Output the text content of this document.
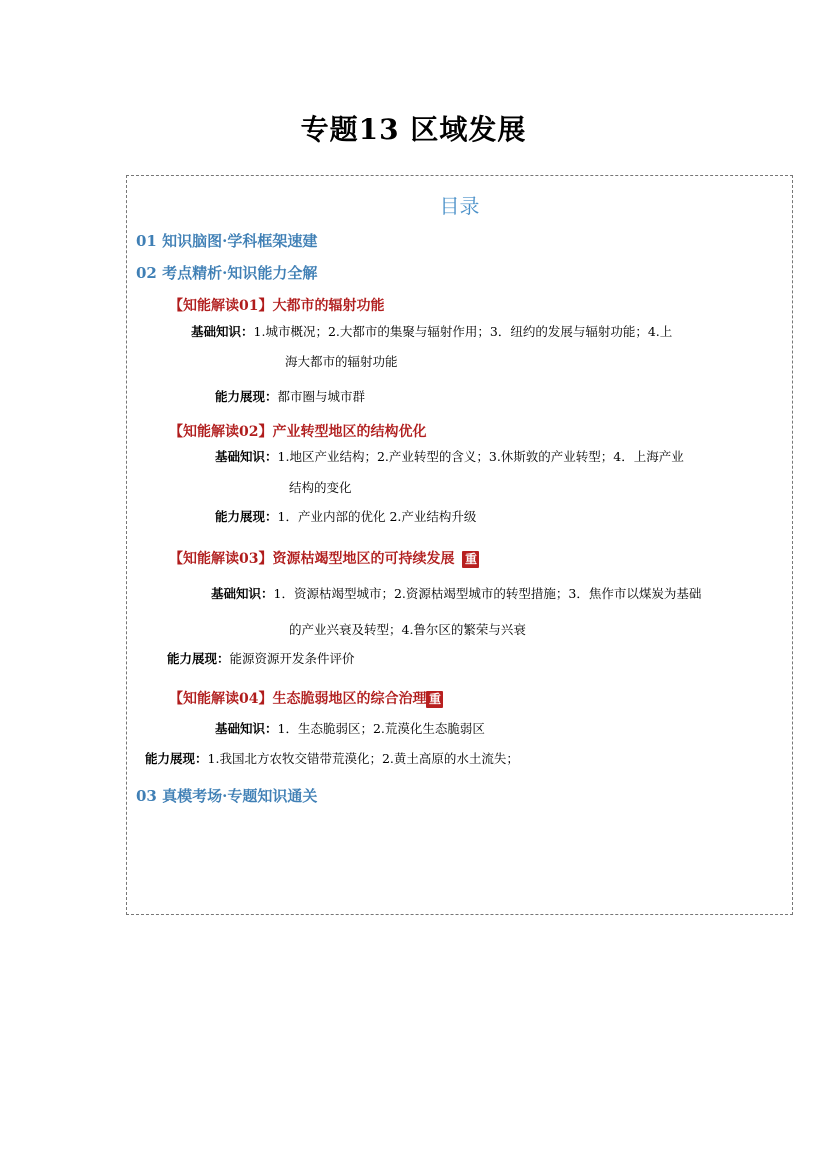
专题13 区域发展
目录
01 知识脑图·学科框架速建
02 考点精析·知识能力全解
【知能解读01】大都市的辐射功能
基础知识：1.城市概况；2.大都市的集聚与辐射作用；3．纽约的发展与辐射功能；4.上
海大都市的辐射功能
能力展现：都市圈与城市群
【知能解读02】产业转型地区的结构优化
基础知识：1.地区产业结构；2.产业转型的含义；3.休斯敦的产业转型；4．上海产业
结构的变化
能力展现：1．产业内部的优化 2.产业结构升级
【知能解读03】资源枯竭型地区的可持续发展 重
基础知识：1．资源枯竭型城市；2.资源枯竭型城市的转型措施；3．焦作市以煤炭为基础
的产业兴衰及转型；4.鲁尔区的繁荣与兴衰
能力展现：能源资源开发条件评价
【知能解读04】生态脆弱地区的综合治理 重
基础知识：1．生态脆弱区；2.荒漠化生态脆弱区
能力展现：1.我国北方农牧交错带荒漠化；2.黄土高原的水土流失；
03 真模考场·专题知识通关
